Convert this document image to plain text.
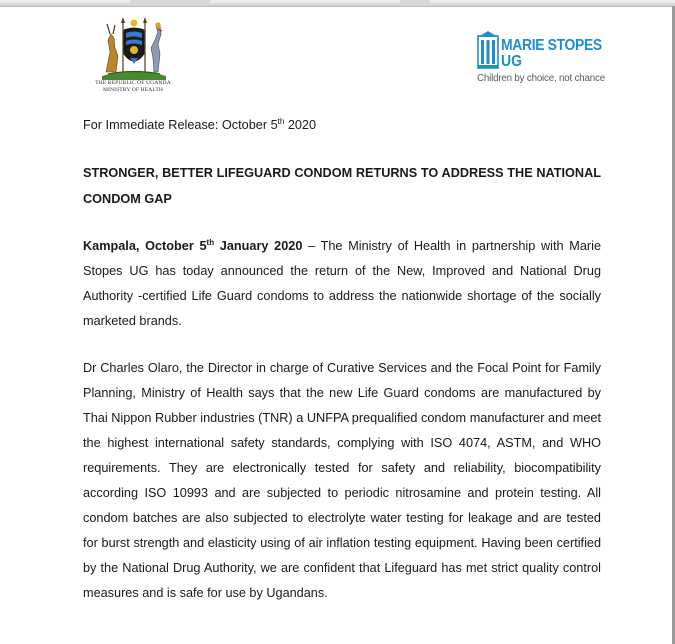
THE REPUBLIC OF UGANDA
MINISTRY OF HEALTH
MARIE STOPES
UG
Children by choice, not chance

For Immediate Release: October 5th 2020

STRONGER, BETTER LIFEGUARD CONDOM RETURNS TO ADDRESS THE NATIONAL CONDOM GAP

Kampala, October 5th January 2020 – The Ministry of Health in partnership with Marie Stopes UG has today announced the return of the New, Improved and National Drug Authority -certified Life Guard condoms to address the nationwide shortage of the socially marketed brands.

Dr Charles Olaro, the Director in charge of Curative Services and the Focal Point for Family Planning, Ministry of Health says that the new Life Guard condoms are manufactured by Thai Nippon Rubber industries (TNR) a UNFPA prequalified condom manufacturer and meet the highest international safety standards, complying with ISO 4074, ASTM, and WHO requirements. They are electronically tested for safety and reliability, biocompatibility according ISO 10993 and are subjected to periodic nitrosamine and protein testing. All condom batches are also subjected to electrolyte water testing for leakage and are tested for burst strength and elasticity using of air inflation testing equipment. Having been certified by the National Drug Authority, we are confident that Lifeguard has met strict quality control measures and is safe for use by Ugandans.
